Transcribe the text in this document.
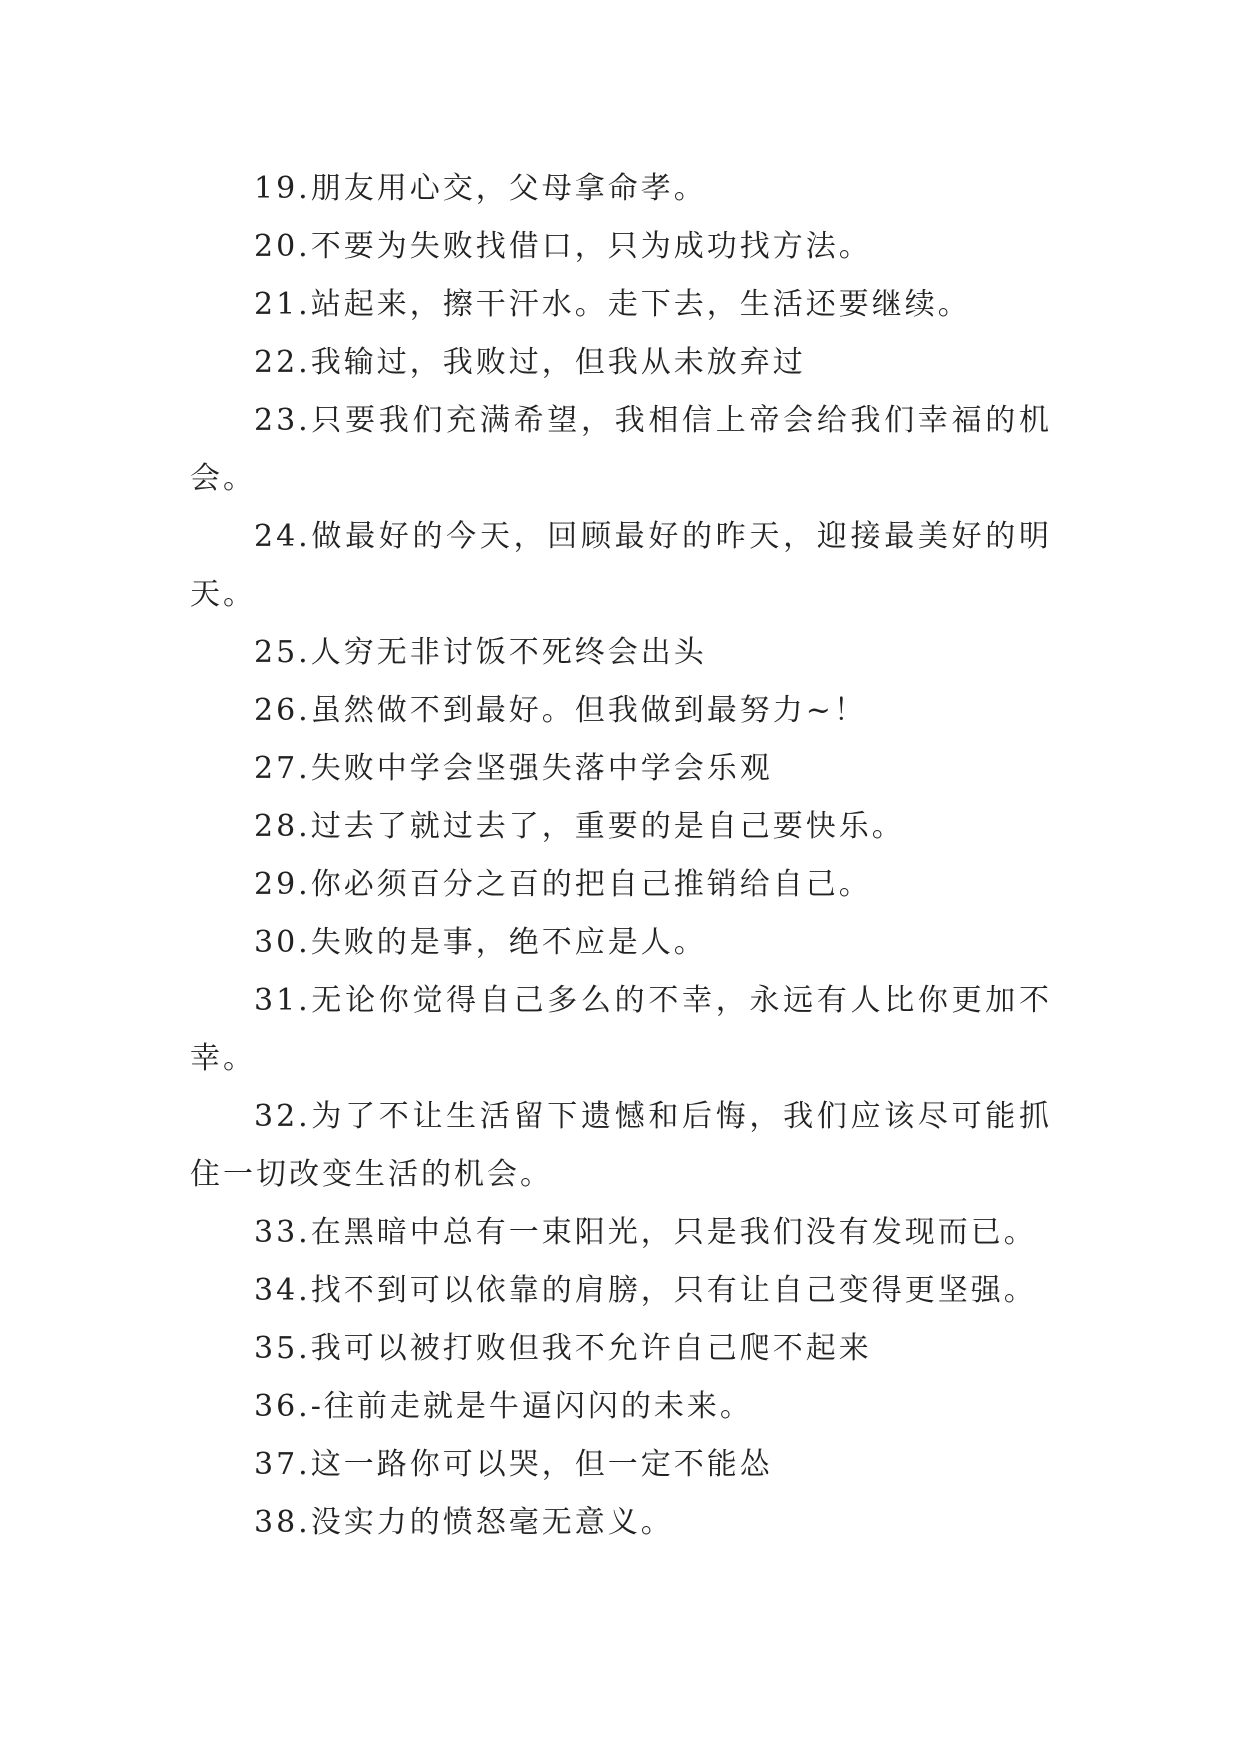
19.朋友用心交，父母拿命孝。

20.不要为失败找借口，只为成功找方法。

21.站起来，擦干汗水。走下去，生活还要继续。

22.我输过，我败过，但我从未放弃过

23.只要我们充满希望，我相信上帝会给我们幸福的机会。

24.做最好的今天，回顾最好的昨天，迎接最美好的明天。

25.人穷无非讨饭不死终会出头

26.虽然做不到最好。但我做到最努力~！

27.失败中学会坚强失落中学会乐观

28.过去了就过去了，重要的是自己要快乐。

29.你必须百分之百的把自己推销给自己。

30.失败的是事，绝不应是人。

31.无论你觉得自己多么的不幸，永远有人比你更加不幸。

32.为了不让生活留下遗憾和后悔，我们应该尽可能抓住一切改变生活的机会。

33.在黑暗中总有一束阳光，只是我们没有发现而已。

34.找不到可以依靠的肩膀，只有让自己变得更坚强。

35.我可以被打败但我不允许自己爬不起来

36.-往前走就是牛逼闪闪的未来。

37.这一路你可以哭，但一定不能怂

38.没实力的愤怒毫无意义。
